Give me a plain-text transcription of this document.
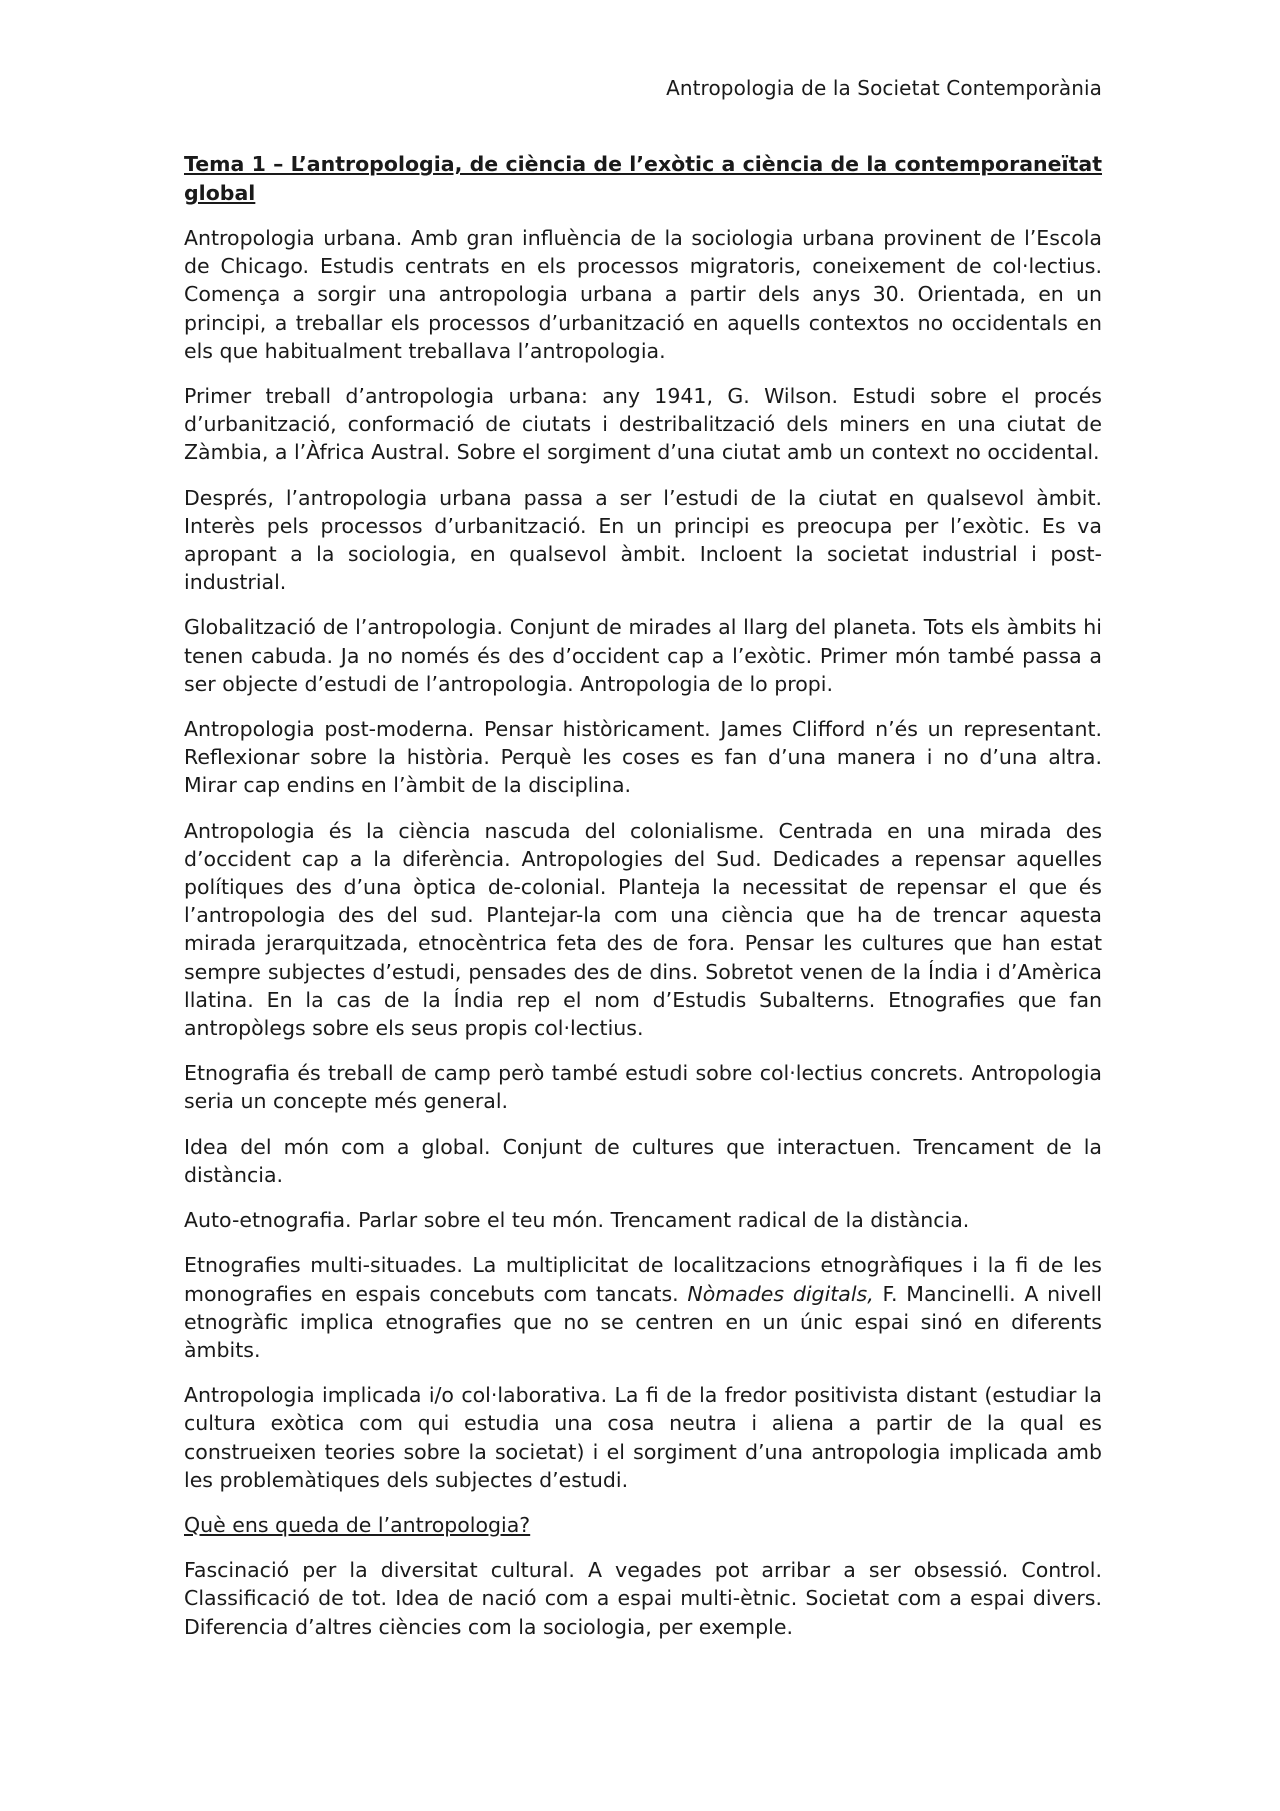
Antropologia de la Societat Contemporània

Tema 1 – L’antropologia, de ciència de l’exòtic a ciència de la contemporaneïtat global

Antropologia urbana. Amb gran influència de la sociologia urbana provinent de l’Escola de Chicago. Estudis centrats en els processos migratoris, coneixement de col·lectius. Comença a sorgir una antropologia urbana a partir dels anys 30. Orientada, en un principi, a treballar els processos d’urbanització en aquells contextos no occidentals en els que habitualment treballava l’antropologia.

Primer treball d’antropologia urbana: any 1941, G. Wilson. Estudi sobre el procés d’urbanització, conformació de ciutats i destribalització dels miners en una ciutat de Zàmbia, a l’Àfrica Austral. Sobre el sorgiment d’una ciutat amb un context no occidental.

Després, l’antropologia urbana passa a ser l’estudi de la ciutat en qualsevol àmbit. Interès pels processos d’urbanització. En un principi es preocupa per l’exòtic. Es va apropant a la sociologia, en qualsevol àmbit. Incloent la societat industrial i post-industrial.

Globalització de l’antropologia. Conjunt de mirades al llarg del planeta. Tots els àmbits hi tenen cabuda. Ja no només és des d’occident cap a l’exòtic. Primer món també passa a ser objecte d’estudi de l’antropologia. Antropologia de lo propi.

Antropologia post-moderna. Pensar històricament. James Clifford n’és un representant. Reflexionar sobre la història. Perquè les coses es fan d’una manera i no d’una altra. Mirar cap endins en l’àmbit de la disciplina.

Antropologia és la ciència nascuda del colonialisme. Centrada en una mirada des d’occident cap a la diferència. Antropologies del Sud. Dedicades a repensar aquelles polítiques des d’una òptica de-colonial. Planteja la necessitat de repensar el que és l’antropologia des del sud. Plantejar-la com una ciència que ha de trencar aquesta mirada jerarquitzada, etnocèntrica feta des de fora. Pensar les cultures que han estat sempre subjectes d’estudi, pensades des de dins. Sobretot venen de la Índia i d’Amèrica llatina. En la cas de la Índia rep el nom d’Estudis Subalterns. Etnografies que fan antropòlegs sobre els seus propis col·lectius.

Etnografia és treball de camp però també estudi sobre col·lectius concrets. Antropologia seria un concepte més general.

Idea del món com a global. Conjunt de cultures que interactuen. Trencament de la distància.

Auto-etnografia. Parlar sobre el teu món. Trencament radical de la distància.

Etnografies multi-situades. La multiplicitat de localitzacions etnogràfiques i la fi de les monografies en espais concebuts com tancats. Nòmades digitals, F. Mancinelli. A nivell etnogràfic implica etnografies que no se centren en un únic espai sinó en diferents àmbits.

Antropologia implicada i/o col·laborativa. La fi de la fredor positivista distant (estudiar la cultura exòtica com qui estudia una cosa neutra i aliena a partir de la qual es construeixen teories sobre la societat) i el sorgiment d’una antropologia implicada amb les problemàtiques dels subjectes d’estudi.

Què ens queda de l’antropologia?

Fascinació per la diversitat cultural. A vegades pot arribar a ser obsessió. Control. Classificació de tot. Idea de nació com a espai multi-ètnic. Societat com a espai divers. Diferencia d’altres ciències com la sociologia, per exemple.
